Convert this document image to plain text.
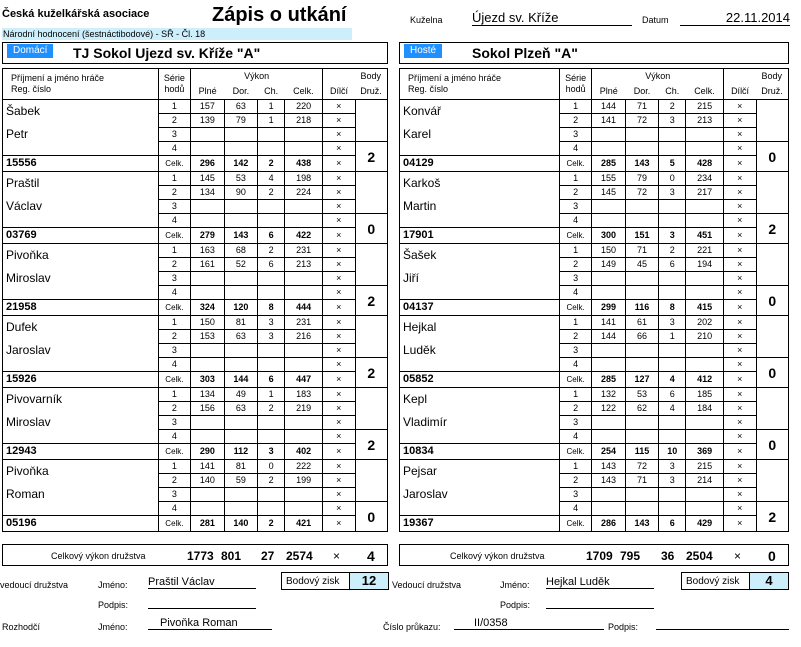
Česká kuželkářská asociace
Národní hodnocení (šestnáctibodové) - SŘ - Čl. 18
Zápis o utkání	Kuželna Újezd sv. Kříže	Datum	22.11.2014
Domácí	TJ Sokol Ujezd sv. Kříže "A"	Hosté	Sokol Plzeň "A"
Příjmení a jméno hráče
Reg. číslo	Série
hodů	Výkon				Body	
		Plné	Dor.	Ch.	Celk.	Dílčí	Druž.
Šabek	1	157	63	1	220	×	
	2	139	79	1	218	×	
Petr	3					×	
	4					×	2
15556	Celk.	296	142	2	438	×	
Praštil	1	145	53	4	198	×	
	2	134	90	2	224	×	
Václav	3					×	
	4					×	0
03769	Celk.	279	143	6	422	×	
Pivoňka	1	163	68	2	231	×	
	2	161	52	6	213	×	
Miroslav	3					×	
	4					×	2
21958	Celk.	324	120	8	444	×	
Dufek	1	150	81	3	231	×	
	2	153	63	3	216	×	
Jaroslav	3					×	
	4					×	2
15926	Celk.	303	144	6	447	×	
Pivovarník	1	134	49	1	183	×	
	2	156	63	2	219	×	
Miroslav	3					×	
	4					×	2
12943	Celk.	290	112	3	402	×	
Pivoňka	1	141	81	0	222	×	
	2	140	59	2	199	×	
Roman	3					×	
	4					×	0
05196	Celk.	281	140	2	421	×	
Příjmení a jméno hráče
Reg. číslo	Série
hodů	Výkon				Body	
		Plné	Dor.	Ch.	Celk.	Dílčí	Druž.
Konvář	1	144	71	2	215	×	
	2	141	72	3	213	×	
Karel	3					×	
	4					×	0
04129	Celk.	285	143	5	428	×	
Karkoš	1	155	79	0	234	×	
	2	145	72	3	217	×	
Martin	3					×	
	4					×	2
17901	Celk.	300	151	3	451	×	
Šašek	1	150	71	2	221	×	
	2	149	45	6	194	×	
Jiří	3					×	
	4					×	0
04137	Celk.	299	116	8	415	×	
Hejkal	1	141	61	3	202	×	
	2	144	66	1	210	×	
Luděk	3					×	
	4					×	0
05852	Celk.	285	127	4	412	×	
Kepl	1	132	53	6	185	×	
	2	122	62	4	184	×	
Vladimír	3					×	
	4					×	0
10834	Celk.	254	115	10	369	×	
Pejsar	1	143	72	3	215	×	
	2	143	71	3	214	×	
Jaroslav	3					×	
	4					×	2
19367	Celk.	286	143	6	429	×	
Celkový výkon družstva	1773 801 27 2574 × 4	Celkový výkon družstva	1709 795 36 2504 × 0
vedoucí družstva	Jméno: Praštil Václav
Podpis:
Bodový zisk	12	Vedoucí družstva	Jméno: Hejkal Luděk
Podpis:
Bodový zisk	4
Rozhodčí	Jméno:	Pivoňka Roman	Číslo průkazu:	II/0358	Podpis:
